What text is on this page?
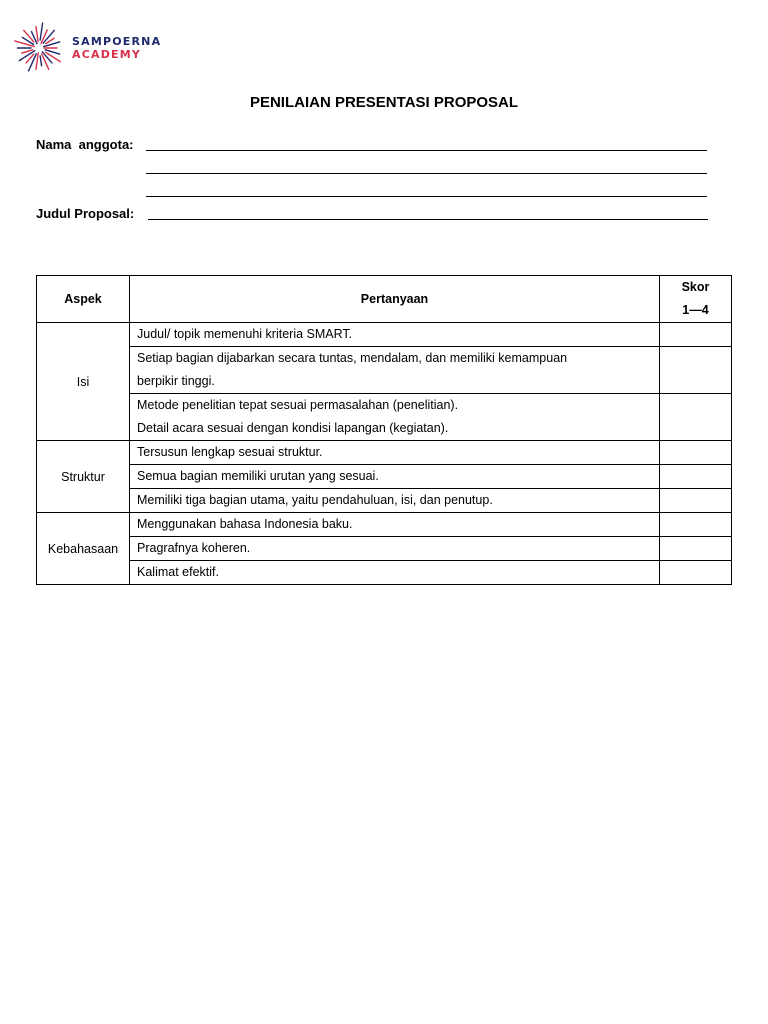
SAMPOERNA
ACADEMY
PENILAIAN PRESENTASI PROPOSAL
Nama  anggota:
Judul Proposal:
Aspek	Pertanyaan	Skor
1—4

Isi	Judul/ topik memenuhi kriteria SMART.	

	Setiap bagian dijabarkan secara tuntas, mendalam, dan memiliki kemampuan
berpikir tinggi.	

	Metode penelitian tepat sesuai permasalahan (penelitian).
Detail acara sesuai dengan kondisi lapangan (kegiatan).	

Struktur	Tersusun lengkap sesuai struktur.	

	Semua bagian memiliki urutan yang sesuai.	

	Memiliki tiga bagian utama, yaitu pendahuluan, isi, dan penutup.	

Kebahasaan	Menggunakan bahasa Indonesia baku.	

	Pragrafnya koheren.	

	Kalimat efektif.	
